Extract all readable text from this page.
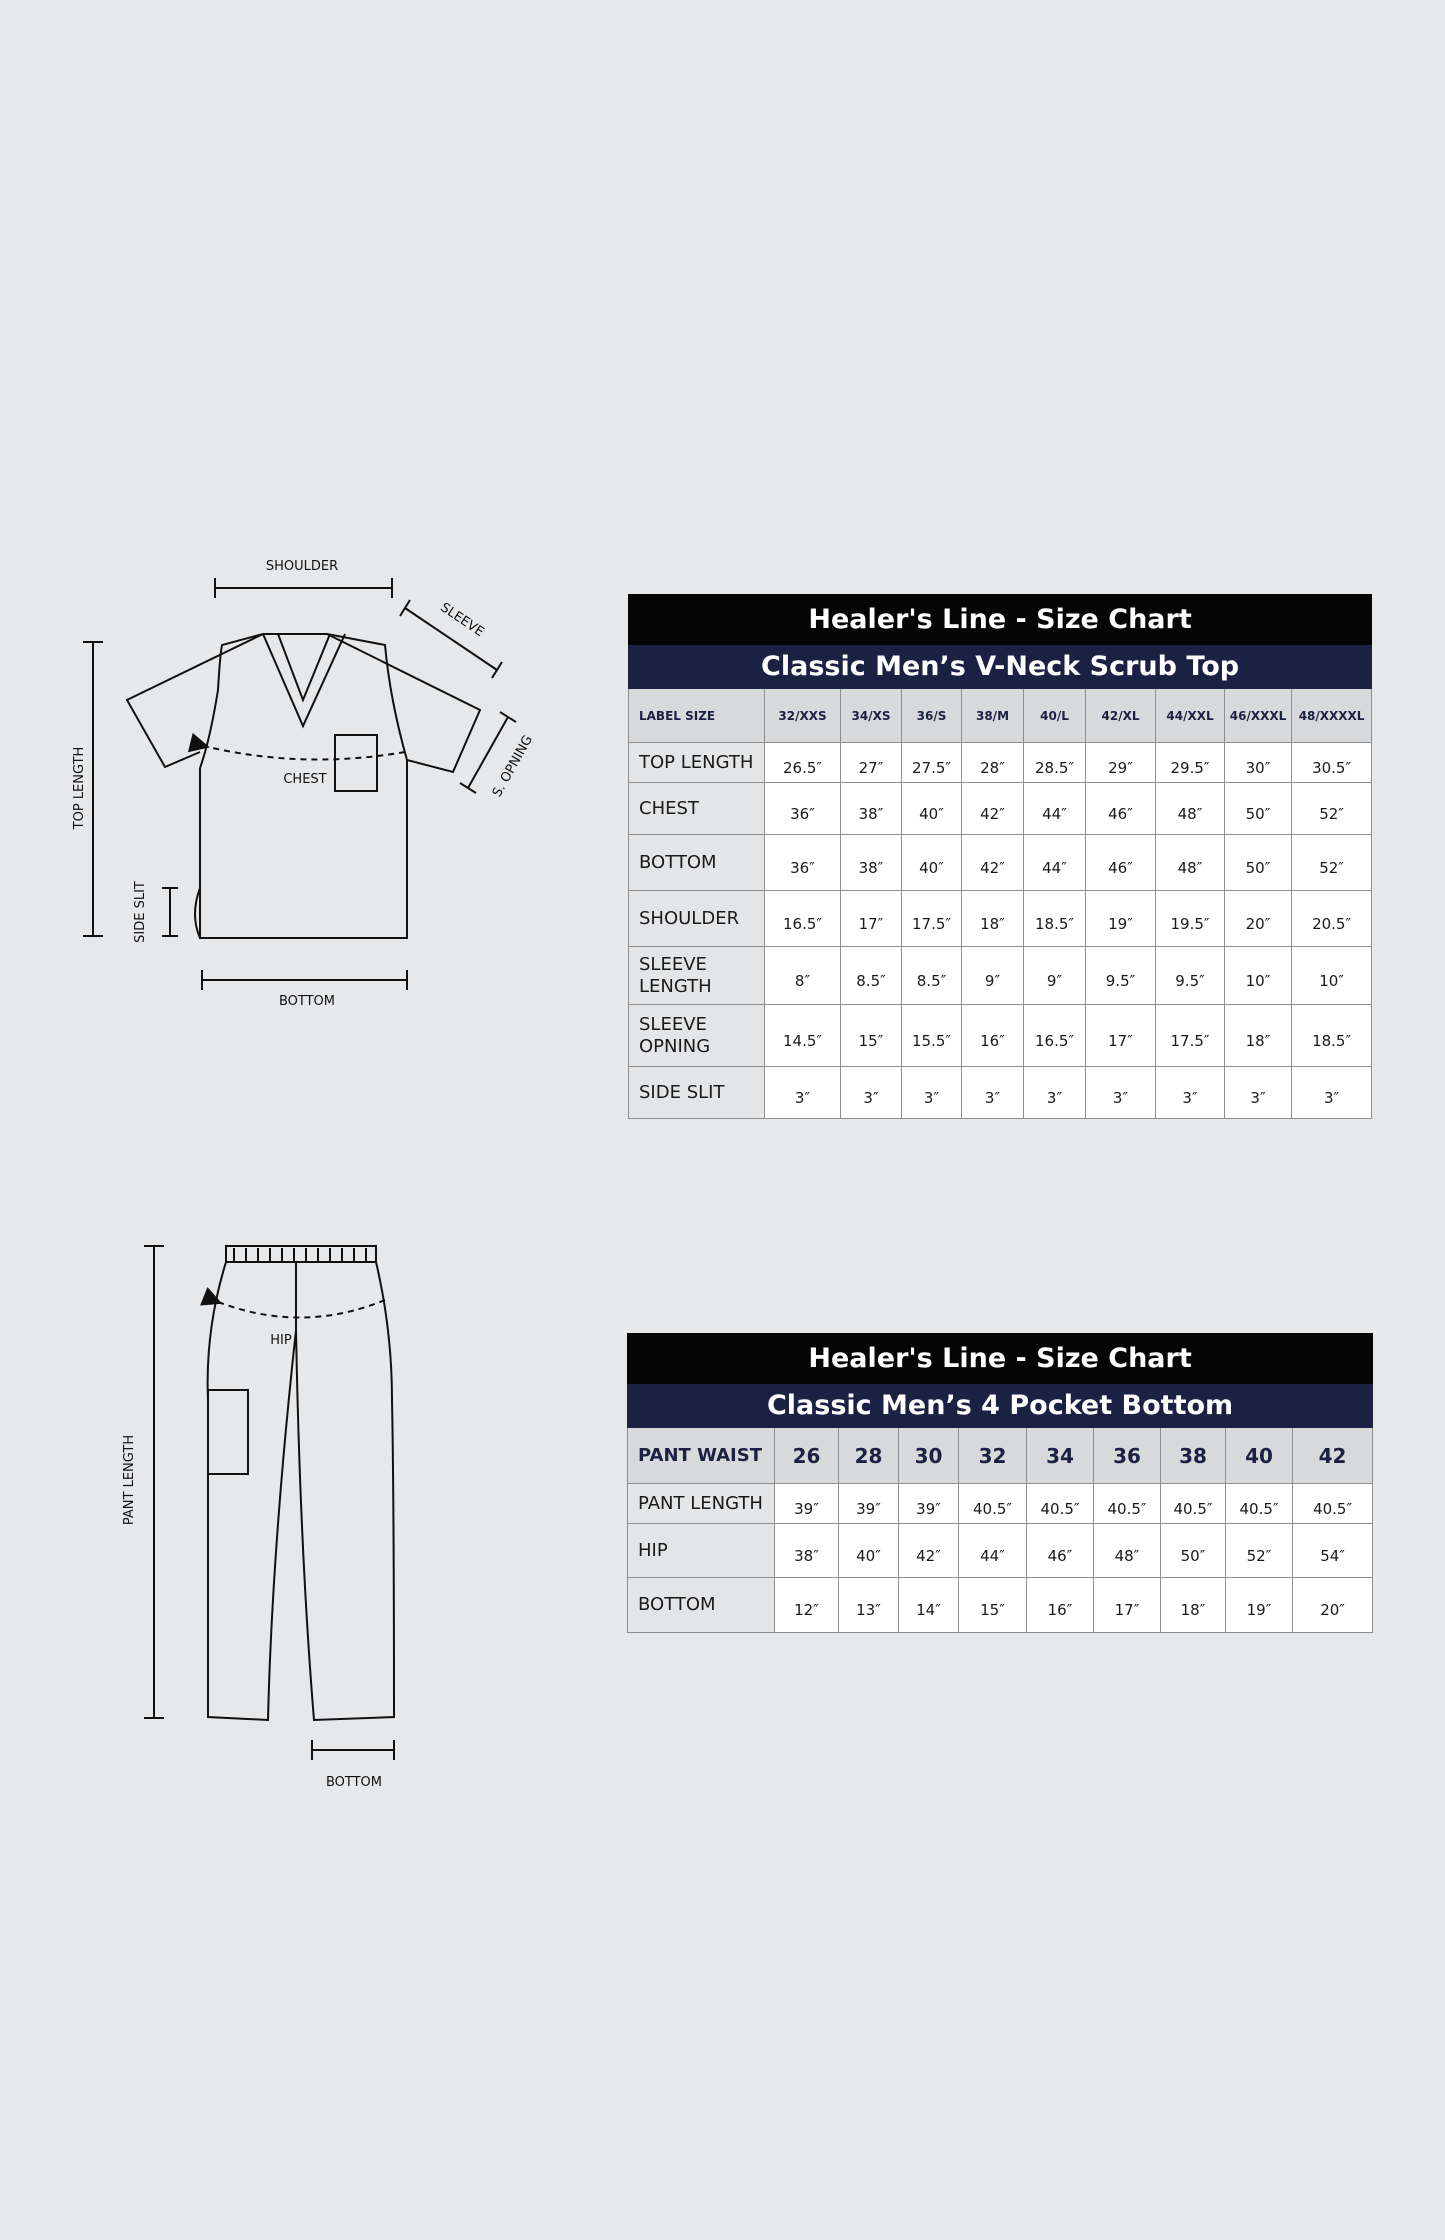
SHOULDER
SLEEVE
S. OPNING
TOP LENGTH	CHEST
SIDE SLIT
BOTTOM
HIP
PANT LENGTH
BOTTOM
Healer's Line - Size Chart									
Classic Men’s V-Neck Scrub Top									
LABEL SIZE	32/XXS	34/XS	36/S	38/M	40/L	42/XL	44/XXL	46/XXXL	48/XXXXL
TOP LENGTH	26.5″	27″	27.5″	28″	28.5″	29″	29.5″	30″	30.5″
CHEST	36″	38″	40″	42″	44″	46″	48″	50″	52″
BOTTOM	36″	38″	40″	42″	44″	46″	48″	50″	52″
SHOULDER	16.5″	17″	17.5″	18″	18.5″	19″	19.5″	20″	20.5″
SLEEVE LENGTH	8″	8.5″	8.5″	9″	9″	9.5″	9.5″	10″	10″
SLEEVE OPNING	14.5″	15″	15.5″	16″	16.5″	17″	17.5″	18″	18.5″
SIDE SLIT	3″	3″	3″	3″	3″	3″	3″	3″	3″
Healer's Line - Size Chart									
Classic Men’s 4 Pocket Bottom									
PANT WAIST	26	28	30	32	34	36	38	40	42
PANT LENGTH	39″	39″	39″	40.5″	40.5″	40.5″	40.5″	40.5″	40.5″
HIP	38″	40″	42″	44″	46″	48″	50″	52″	54″
BOTTOM	12″	13″	14″	15″	16″	17″	18″	19″	20″
